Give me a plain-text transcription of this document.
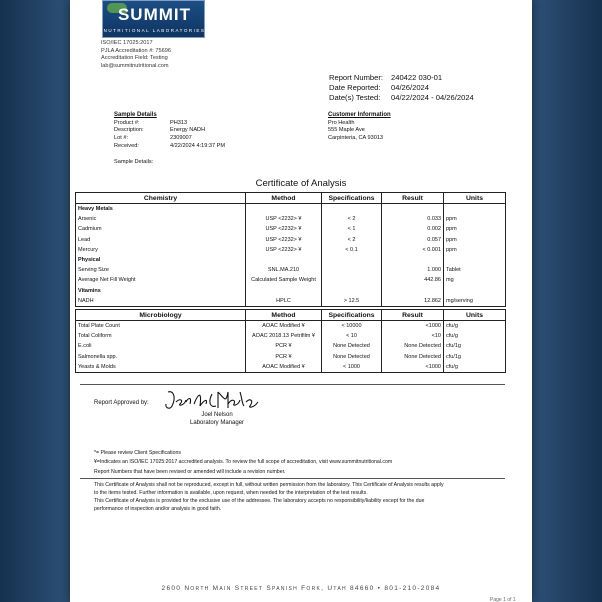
SUMMIT
NUTRITIONAL LABORATORIES
ISO/IEC 17025:2017
PJLA Accreditation #: 75696
Accreditation Field: Testing
lab@summitnutritional.com
Report Number:	240422 030-01
Date Reported:	04/26/2024
Date(s) Tested:	04/22/2024 - 04/26/2024
Sample Details
Product #:	PH313
Description:	Energy NADH
Lot #:	2309007
Received:	4/22/2024 4:19:37 PM
Customer Information
Pro Health
555 Maple Ave
Carpinteria, CA 93013
Sample Details:
Certificate of Analysis
Chemistry	Method	Specifications	Result	Units
Heavy Metals				
Arsenic	USP <2232> ¥	< 2	0.033	ppm
Cadmium	USP <2232> ¥	< 1	0.002	ppm
Lead	USP <2232> ¥	< 2	0.057	ppm
Mercury	USP <2232> ¥	< 0.1	< 0.001	ppm
Physical				
Serving Size	SNL.MA.210		1.000	Tablet
Average Net Fill Weight	Calculated Sample Weight		442.86	mg
Vitamins				
NADH	HPLC	> 12.5	12.862	mg/serving
Microbiology	Method	Specifications	Result	Units
Total Plate Count	AOAC Modified ¥	< 10000	<1000	cfu/g
Total Coliform	AOAC 2018.13 Petrifilm ¥	< 10	<10	cfu/g
E.coli	PCR ¥	None Detected	None Detected	cfu/1g
Salmonella spp.	PCR ¥	None Detected	None Detected	cfu/1g
Yeasts & Molds	AOAC Modified ¥	< 1000	<1000	cfu/g
Report Approved by:
Joel Nelson
Laboratory Manager
*= Please review Client Specifications
¥=Indicates an ISO/IEC 17025:2017 accredited analysis. To review the full scope of accreditation, visit www.summitnutritional.com
Report Numbers that have been revised or amended will include a revision number.
This Certificate of Analysis shall not be reproduced, except in full, without written permission from the laboratory. This Certificate of Analysis results apply
to the items tested. Further information is available, upon request, when needed for the interpretation of the test results.
This Certificate of Analysis is provided for the exclusive use of the addressee. The laboratory accepts no responsibility/liability except for the due
performance of inspection and/or analysis in good faith.
2600 North Main Street Spanish Fork, Utah 84660 • 801-210-2084
Page 1 of 1
